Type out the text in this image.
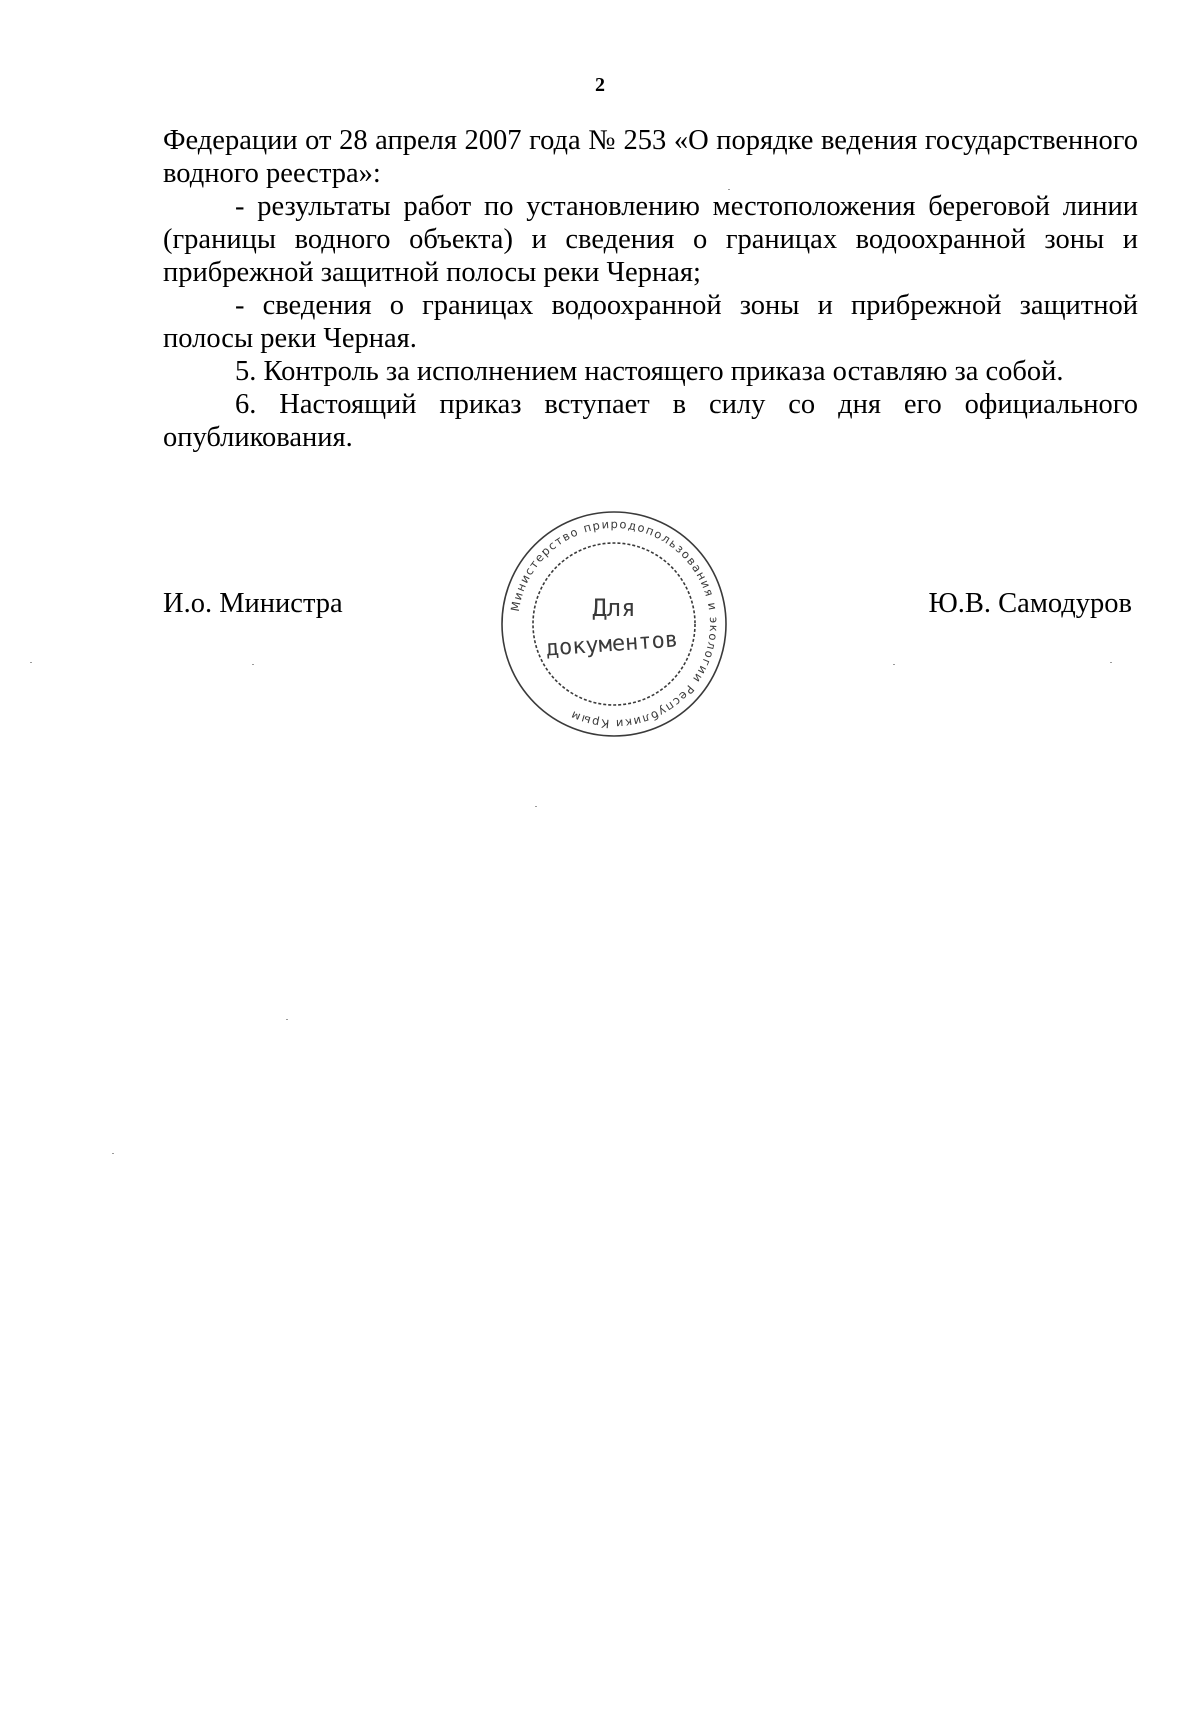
2

Федерации от 28 апреля 2007 года № 253 «О порядке ведения государственного водного реестра»:

- результаты работ по установлению местоположения береговой линии (границы водного объекта) и сведения о границах водоохранной зоны и прибрежной защитной полосы реки Черная;

- сведения о границах водоохранной зоны и прибрежной защитной полосы реки Черная.

5. Контроль за исполнением настоящего приказа оставляю за собой.

6. Настоящий приказ вступает в силу со дня его официального опубликования.

И.о. Министра	Ю.В. Самодуров
Министерство природопользования и экологии Республики Крым
Для
документов
